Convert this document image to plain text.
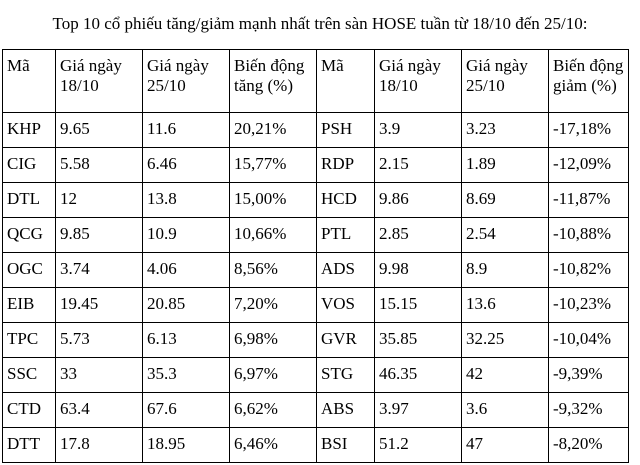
Top 10 cổ phiếu tăng/giảm mạnh nhất trên sàn HOSE tuần từ 18/10 đến 25/10:
Mã	Giá ngày 18/10	Giá ngày 25/10	Biến động tăng (%)	Mã	Giá ngày 18/10	Giá ngày 25/10	Biến động giảm (%)
KHP	9.65	11.6	20,21%	PSH	3.9	3.23	-17,18%
CIG	5.58	6.46	15,77%	RDP	2.15	1.89	-12,09%
DTL	12	13.8	15,00%	HCD	9.86	8.69	-11,87%
QCG	9.85	10.9	10,66%	PTL	2.85	2.54	-10,88%
OGC	3.74	4.06	8,56%	ADS	9.98	8.9	-10,82%
EIB	19.45	20.85	7,20%	VOS	15.15	13.6	-10,23%
TPC	5.73	6.13	6,98%	GVR	35.85	32.25	-10,04%
SSC	33	35.3	6,97%	STG	46.35	42	-9,39%
CTD	63.4	67.6	6,62%	ABS	3.97	3.6	-9,32%
DTT	17.8	18.95	6,46%	BSI	51.2	47	-8,20%
